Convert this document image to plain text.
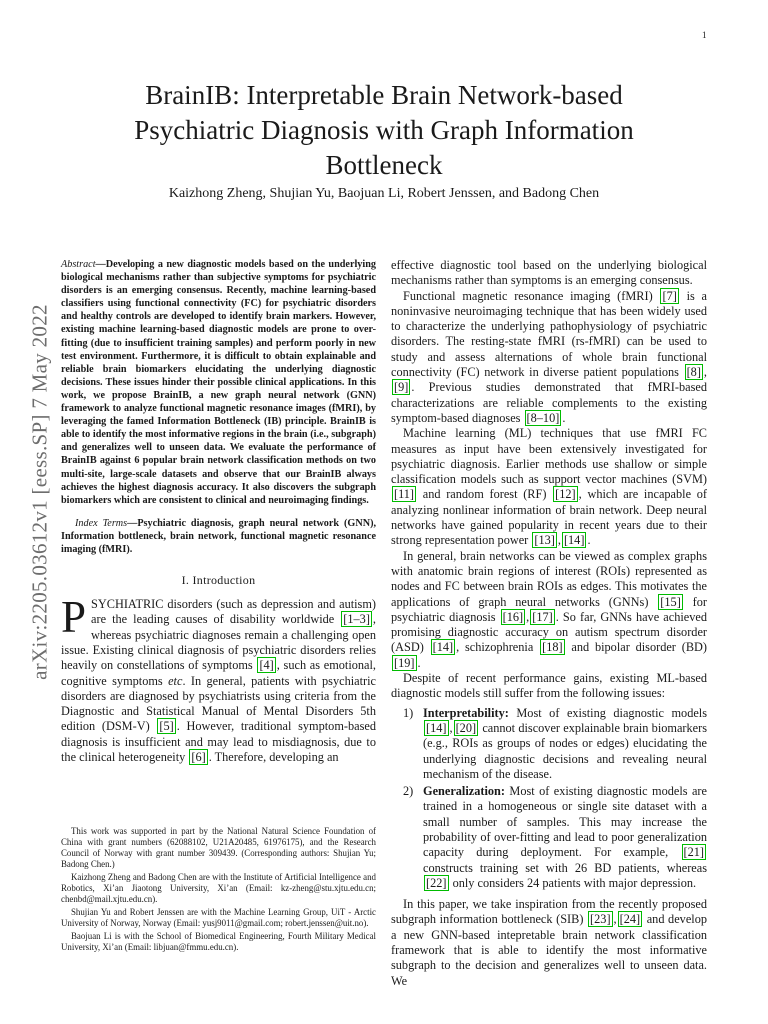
1
arXiv:2205.03612v1 [eess.SP] 7 May 2022
BrainIB: Interpretable Brain Network-based
Psychiatric Diagnosis with Graph Information
Bottleneck
Kaizhong Zheng, Shujian Yu, Baojuan Li, Robert Jenssen, and Badong Chen

Abstract—Developing a new diagnostic models based on the underlying biological mechanisms rather than subjective symptoms for psychiatric disorders is an emerging consensus. Recently, machine learning-based classifiers using functional connectivity (FC) for psychiatric disorders and healthy controls are developed to identify brain markers. However, existing machine learning-based diagnostic models are prone to over-fitting (due to insufficient training samples) and perform poorly in new test environment. Furthermore, it is difficult to obtain explainable and reliable brain biomarkers elucidating the underlying diagnostic decisions. These issues hinder their possible clinical applications. In this work, we propose BrainIB, a new graph neural network (GNN) framework to analyze functional magnetic resonance images (fMRI), by leveraging the famed Information Bottleneck (IB) principle. BrainIB is able to identify the most informative regions in the brain (i.e., subgraph) and generalizes well to unseen data. We evaluate the performance of BrainIB against 6 popular brain network classification methods on two multi-site, large-scale datasets and observe that our BrainIB always achieves the highest diagnosis accuracy. It also discovers the subgraph biomarkers which are consistent to clinical and neuroimaging findings.

Index Terms—Psychiatric diagnosis, graph neural network (GNN), Information bottleneck, brain network, functional magnetic resonance imaging (fMRI).

I. Introduction

PSYCHIATRIC disorders (such as depression and autism) are the leading causes of disability worldwide [1–3] , whereas psychiatric diagnoses remain a challenging open issue. Existing clinical diagnosis of psychiatric disorders relies heavily on constellations of symptoms [4] , such as emotional, cognitive symptoms etc. In general, patients with psychiatric disorders are diagnosed by psychiatrists using criteria from the Diagnostic and Statistical Manual of Mental Disorders 5th edition (DSM-V) [5] . However, traditional symptom-based diagnosis is insufficient and may lead to misdiagnosis, due to the clinical heterogeneity [6] . Therefore, developing an

This work was supported in part by the National Natural Science Foundation of China with grant numbers (62088102, U21A20485, 61976175), and the Research Council of Norway with grant number 309439. (Corresponding authors: Shujian Yu; Badong Chen.)

Kaizhong Zheng and Badong Chen are with the Institute of Artificial Intelligence and Robotics, Xi’an Jiaotong University, Xi’an (Email: kz-zheng@stu.xjtu.edu.cn; chenbd@mail.xjtu.edu.cn).

Shujian Yu and Robert Jenssen are with the Machine Learning Group, UiT - Arctic University of Norway, Norway (Email: yusj9011@gmail.com; robert.jenssen@uit.no).

Baojuan Li is with the School of Biomedical Engineering, Fourth Military Medical University, Xi’an (Email: libjuan@fmmu.edu.cn).

effective diagnostic tool based on the underlying biological mechanisms rather than symptoms is an emerging consensus.

Functional magnetic resonance imaging (fMRI) [7] is a noninvasive neuroimaging technique that has been widely used to characterize the underlying pathophysiology of psychiatric disorders. The resting-state fMRI (rs-fMRI) can be used to study and assess alternations of whole brain functional connectivity (FC) network in diverse patient populations [8] ,[9] . Previous studies demonstrated that fMRI-based characterizations are reliable complements to the existing symptom-based diagnoses [8–10] .

Machine learning (ML) techniques that use fMRI FC measures as input have been extensively investigated for psychiatric diagnosis. Earlier methods use shallow or simple classification models such as support vector machines (SVM) [11] and random forest (RF) [12] , which are incapable of analyzing nonlinear information of brain network. Deep neural networks have gained popularity in recent years due to their strong representation power [13] , [14] .

In general, brain networks can be viewed as complex graphs with anatomic brain regions of interest (ROIs) represented as nodes and FC between brain ROIs as edges. This motivates the applications of graph neural networks (GNNs) [15] for psychiatric diagnosis [16] , [17] . So far, GNNs have achieved promising diagnostic accuracy on autism spectrum disorder (ASD) [14] , schizophrenia [18] and bipolar disorder (BD) [19] .

Despite of recent performance gains, existing ML-based diagnostic models still suffer from the following issues:

1) Interpretability: Most of existing diagnostic models [14] , [20] cannot discover explainable brain biomarkers (e.g., ROIs as groups of nodes or edges) elucidating the underlying diagnostic decisions and revealing neural mechanism of the disease.
2) Generalization: Most of existing diagnostic models are trained in a homogeneous or single site dataset with a small number of samples. This may increase the probability of over-fitting and lead to poor generalization capacity during deployment. For example, [21] constructs training set with 26 BD patients, whereas [22] only considers 24 patients with major depression.

In this paper, we take inspiration from the recently proposed subgraph information bottleneck (SIB) [23] , [24] and develop a new GNN-based intepretable brain network classification framework that is able to identify the most informative subgraph to the decision and generalizes well to unseen data. We
